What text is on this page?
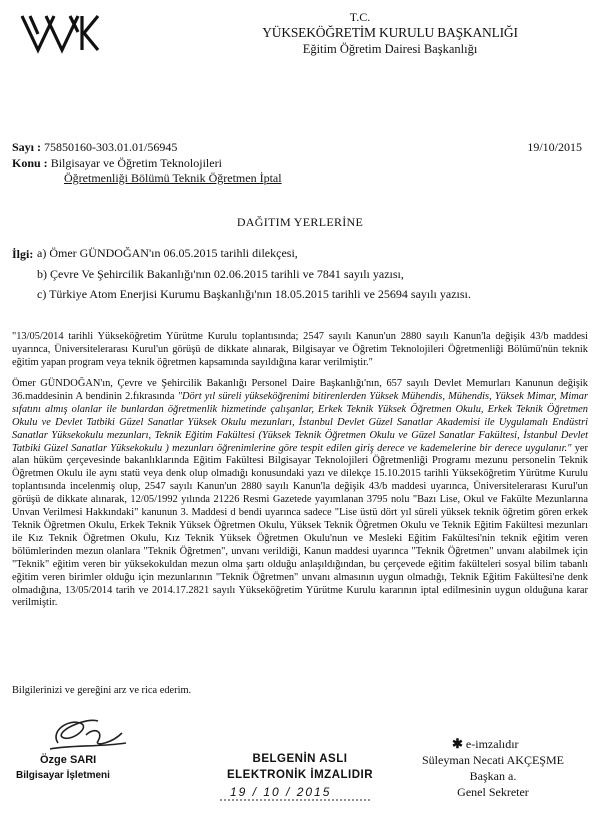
T.C.
YÜKSEKÖĞRETİM KURULU BAŞKANLIĞI
Eğitim Öğretim Dairesi Başkanlığı
Sayı : 75850160-303.01.01/56945	19/10/2015
Konu : Bilgisayar ve Öğretim Teknolojileri
Öğretmenliği Bölümü Teknik Öğretmen İptal
DAĞITIM YERLERİNE
İlgi: a) Ömer GÜNDOĞAN'ın 06.05.2015 tarihli dilekçesi,
b) Çevre Ve Şehircilik Bakanlığı'nın 02.06.2015 tarihli ve 7841 sayılı yazısı,
c) Türkiye Atom Enerjisi Kurumu Başkanlığı'nın 18.05.2015 tarihli ve 25694 sayılı yazısı.

"13/05/2014 tarihli Yükseköğretim Yürütme Kurulu toplantısında; 2547 sayılı Kanun'un 2880 sayılı Kanun'la değişik 43/b maddesi uyarınca, Üniversitelerarası Kurul'un görüşü de dikkate alınarak, Bilgisayar ve Öğretim Teknolojileri Öğretmenliği Bölümü'nün teknik eğitim yapan program veya teknik öğretmen kapsamında sayıldığına karar verilmiştir."

Ömer GÜNDOĞAN'ın, Çevre ve Şehircilik Bakanlığı Personel Daire Başkanlığı'nın, 657 sayılı Devlet Memurları Kanunun değişik 36.maddesinin A bendinin 2.fıkrasında "Dört yıl süreli yükseköğrenimi bitirenlerden Yüksek Mühendis, Mühendis, Yüksek Mimar, Mimar sıfatını almış olanlar ile bunlardan öğretmenlik hizmetinde çalışanlar, Erkek Teknik Yüksek Öğretmen Okulu, Erkek Teknik Öğretmen Okulu ve Devlet Tatbiki Güzel Sanatlar Yüksek Okulu mezunları, İstanbul Devlet Güzel Sanatlar Akademisi ile Uygulamalı Endüstri Sanatlar Yüksekokulu mezunları, Teknik Eğitim Fakültesi (Yüksek Teknik Öğretmen Okulu ve Güzel Sanatlar Fakültesi, İstanbul Devlet Tatbiki Güzel Sanatlar Yüksekokulu ) mezunları öğrenimlerine göre tespit edilen giriş derece ve kademelerine bir derece uygulanır." yer alan hüküm çerçevesinde bakanlıklarında Eğitim Fakültesi Bilgisayar Teknolojileri Öğretmenliği Programı mezunu personelin Teknik Öğretmen Okulu ile aynı statü veya denk olup olmadığı konusundaki yazı ve dilekçe 15.10.2015 tarihli Yükseköğretim Yürütme Kurulu toplantısında incelenmiş olup, 2547 sayılı Kanun'un 2880 sayılı Kanun'la değişik 43/b maddesi uyarınca, Üniversitelerarası Kurul'un görüşü de dikkate alınarak, 12/05/1992 yılında 21226 Resmi Gazetede yayımlanan 3795 nolu "Bazı Lise, Okul ve Fakülte Mezunlarına Unvan Verilmesi Hakkındaki" kanunun 3. Maddesi d bendi uyarınca sadece "Lise üstü dört yıl süreli yüksek teknik öğretim gören erkek Teknik Öğretmen Okulu, Erkek Teknik Yüksek Öğretmen Okulu, Yüksek Teknik Öğretmen Okulu ve Teknik Eğitim Fakültesi mezunları ile Kız Teknik Öğretmen Okulu, Kız Teknik Yüksek Öğretmen Okulu'nun ve Mesleki Eğitim Fakültesi'nin teknik eğitim veren bölümlerinden mezun olanlara "Teknik Öğretmen", unvanı verildiği, Kanun maddesi uyarınca "Teknik Öğretmen" unvanı alabilmek için "Teknik" eğitim veren bir yüksekokuldan mezun olma şartı olduğu anlaşıldığından, bu çerçevede eğitim fakülteleri sosyal bilim tabanlı eğitim veren birimler olduğu için mezunlarının "Teknik Öğretmen" unvanı almasının uygun olmadığı, Teknik Eğitim Fakültesi'ne denk olmadığına, 13/05/2014 tarih ve 2014.17.2821 sayılı Yükseköğretim Yürütme Kurulu kararının iptal edilmesinin uygun olduğuna karar verilmiştir.

Bilgilerinizi ve gereğini arz ve rica ederim.
Özge SARI
Bilgisayar İşletmeni
BELGENİN ASLI
ELEKTRONİK İMZALIDIR
19 / 10 / 2015
✱ e-imzalıdır
Süleyman Necati AKÇEŞME
Başkan a.
Genel Sekreter
